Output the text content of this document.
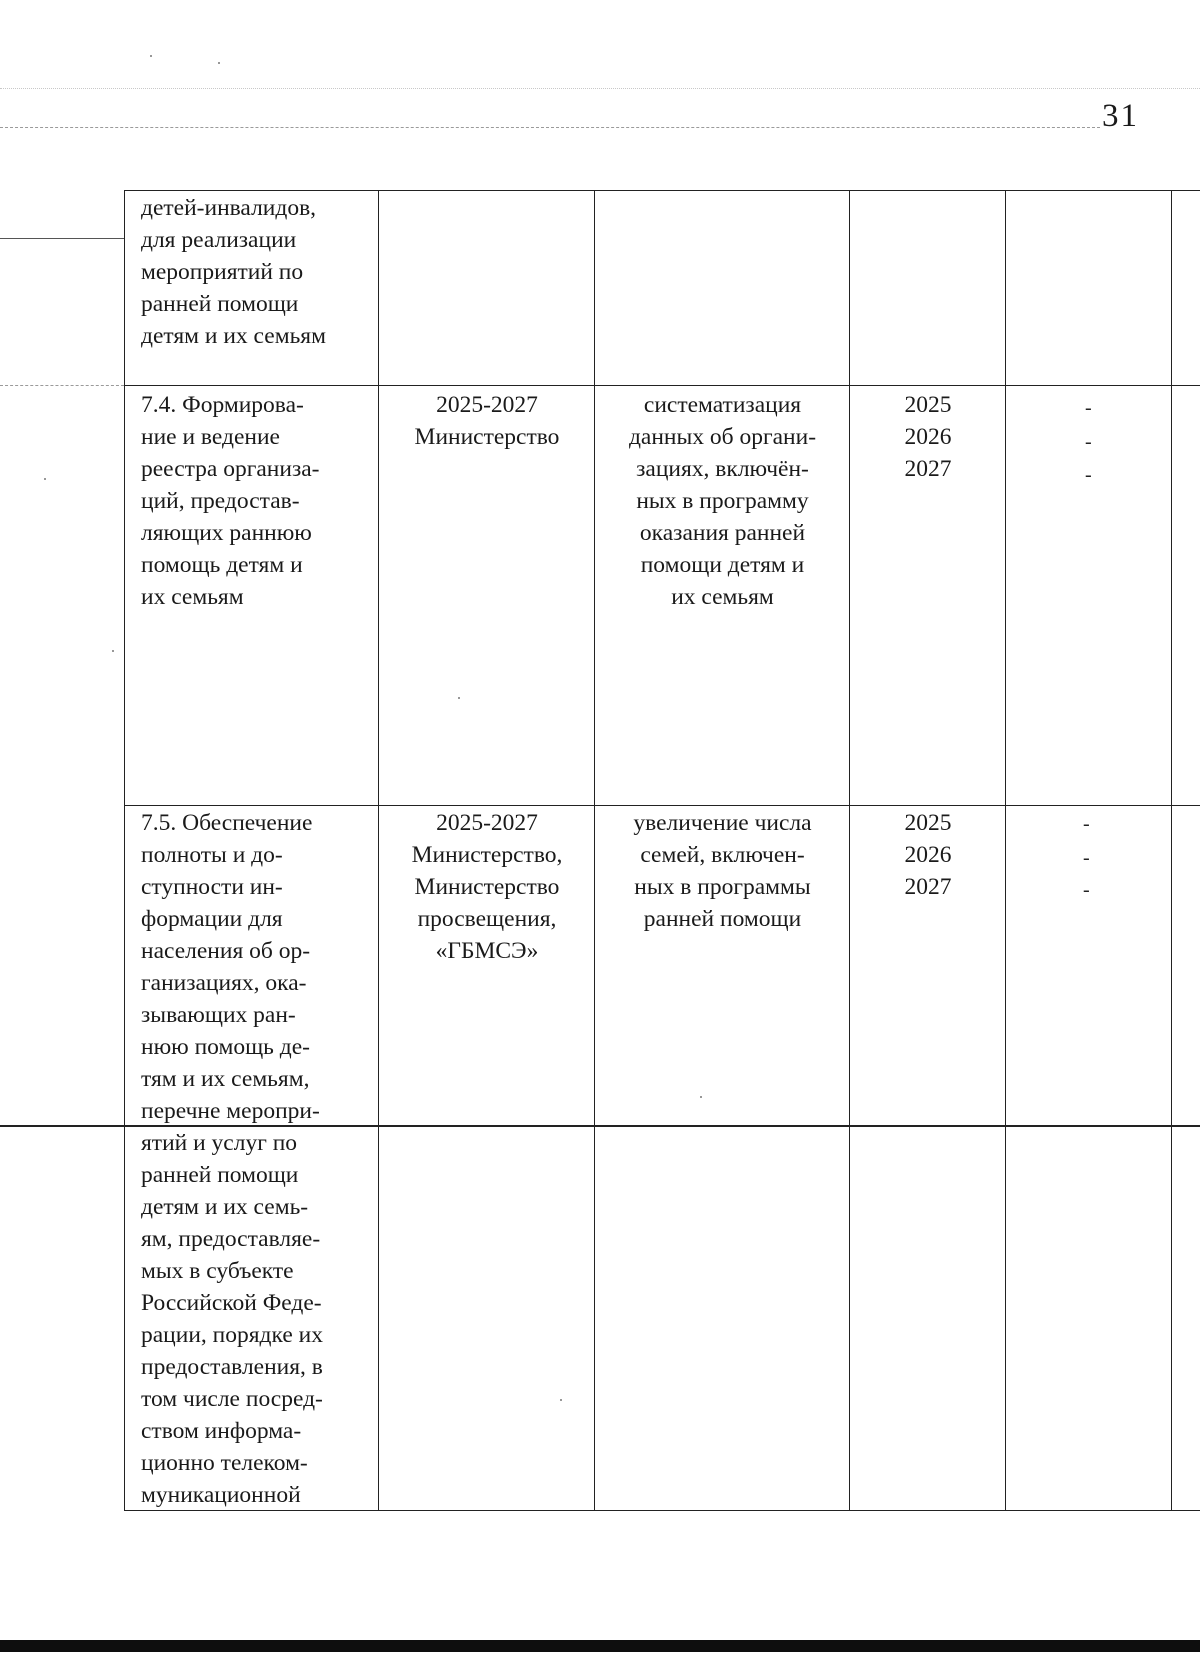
31
детей-инвалидов,
для реализации
мероприятий по
ранней помощи
детям и их семьям
7.4. Формирова-
ние и ведение
реестра организа-
ций, предостав-
ляющих раннюю
помощь детям и
их семьям
2025-2027
Министерство
систематизация
данных об органи-
зациях, включён-
ных в программу
оказания ранней
помощи детям и
их семьям
2025
2026
2027
-
-
-
7.5. Обеспечение
полноты и до-
ступности ин-
формации для
населения об ор-
ганизациях, ока-
зывающих ран-
нюю помощь де-
тям и их семьям,
перечне меропри-
2025-2027
Министерство,
Министерство
просвещения,
«ГБМСЭ»
увеличение числа
семей, включен-
ных в программы
ранней помощи
2025
2026
2027
-
-
-
ятий и услуг по
ранней помощи
детям и их семь-
ям, предоставляе-
мых в субъекте
Российской Феде-
рации, порядке их
предоставления, в
том числе посред-
ством информа-
ционно телеком-
муникационной
